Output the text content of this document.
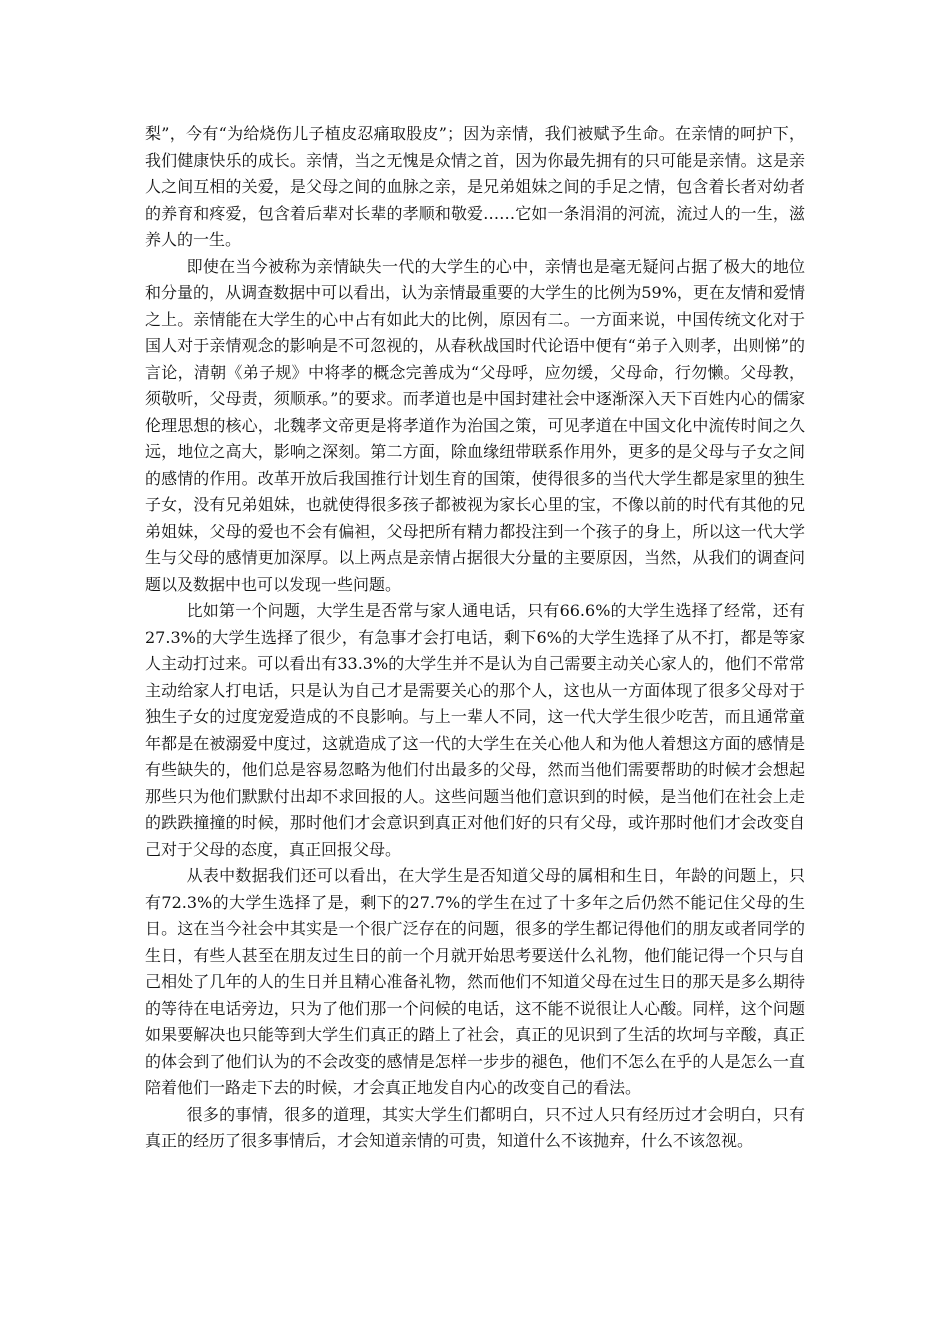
梨”，今有“为给烧伤儿子植皮忍痛取股皮”；因为亲情，我们被赋予生命。在亲情的呵护下，我们健康快乐的成长。亲情，当之无愧是众情之首，因为你最先拥有的只可能是亲情。这是亲人之间互相的关爱，是父母之间的血脉之亲，是兄弟姐妹之间的手足之情，包含着长者对幼者的养育和疼爱，包含着后辈对长辈的孝顺和敬爱……它如一条涓涓的河流，流过人的一生，滋养人的一生。

即使在当今被称为亲情缺失一代的大学生的心中，亲情也是毫无疑问占据了极大的地位和分量的，从调查数据中可以看出，认为亲情最重要的大学生的比例为59%，更在友情和爱情之上。亲情能在大学生的心中占有如此大的比例，原因有二。一方面来说，中国传统文化对于国人对于亲情观念的影响是不可忽视的，从春秋战国时代论语中便有“弟子入则孝，出则悌”的言论，清朝《弟子规》中将孝的概念完善成为“父母呼，应勿缓，父母命，行勿懒。父母教，须敬听，父母责，须顺承。”的要求。而孝道也是中国封建社会中逐渐深入天下百姓内心的儒家伦理思想的核心，北魏孝文帝更是将孝道作为治国之策，可见孝道在中国文化中流传时间之久远，地位之高大，影响之深刻。第二方面，除血缘纽带联系作用外，更多的是父母与子女之间的感情的作用。改革开放后我国推行计划生育的国策，使得很多的当代大学生都是家里的独生子女，没有兄弟姐妹，也就使得很多孩子都被视为家长心里的宝，不像以前的时代有其他的兄弟姐妹，父母的爱也不会有偏袒，父母把所有精力都投注到一个孩子的身上，所以这一代大学生与父母的感情更加深厚。以上两点是亲情占据很大分量的主要原因，当然，从我们的调查问题以及数据中也可以发现一些问题。

比如第一个问题，大学生是否常与家人通电话，只有66.6%的大学生选择了经常，还有27.3%的大学生选择了很少，有急事才会打电话，剩下6%的大学生选择了从不打，都是等家人主动打过来。可以看出有33.3%的大学生并不是认为自己需要主动关心家人的，他们不常常主动给家人打电话，只是认为自己才是需要关心的那个人，这也从一方面体现了很多父母对于独生子女的过度宠爱造成的不良影响。与上一辈人不同，这一代大学生很少吃苦，而且通常童年都是在被溺爱中度过，这就造成了这一代的大学生在关心他人和为他人着想这方面的感情是有些缺失的，他们总是容易忽略为他们付出最多的父母，然而当他们需要帮助的时候才会想起那些只为他们默默付出却不求回报的人。这些问题当他们意识到的时候，是当他们在社会上走的跌跌撞撞的时候，那时他们才会意识到真正对他们好的只有父母，或许那时他们才会改变自己对于父母的态度，真正回报父母。

从表中数据我们还可以看出，在大学生是否知道父母的属相和生日，年龄的问题上，只有72.3%的大学生选择了是，剩下的27.7%的学生在过了十多年之后仍然不能记住父母的生日。这在当今社会中其实是一个很广泛存在的问题，很多的学生都记得他们的朋友或者同学的生日，有些人甚至在朋友过生日的前一个月就开始思考要送什么礼物，他们能记得一个只与自己相处了几年的人的生日并且精心准备礼物，然而他们不知道父母在过生日的那天是多么期待的等待在电话旁边，只为了他们那一个问候的电话，这不能不说很让人心酸。同样，这个问题如果要解决也只能等到大学生们真正的踏上了社会，真正的见识到了生活的坎坷与辛酸，真正的体会到了他们认为的不会改变的感情是怎样一步步的褪色，他们不怎么在乎的人是怎么一直陪着他们一路走下去的时候，才会真正地发自内心的改变自己的看法。

很多的事情，很多的道理，其实大学生们都明白，只不过人只有经历过才会明白，只有真正的经历了很多事情后，才会知道亲情的可贵，知道什么不该抛弃，什么不该忽视。
